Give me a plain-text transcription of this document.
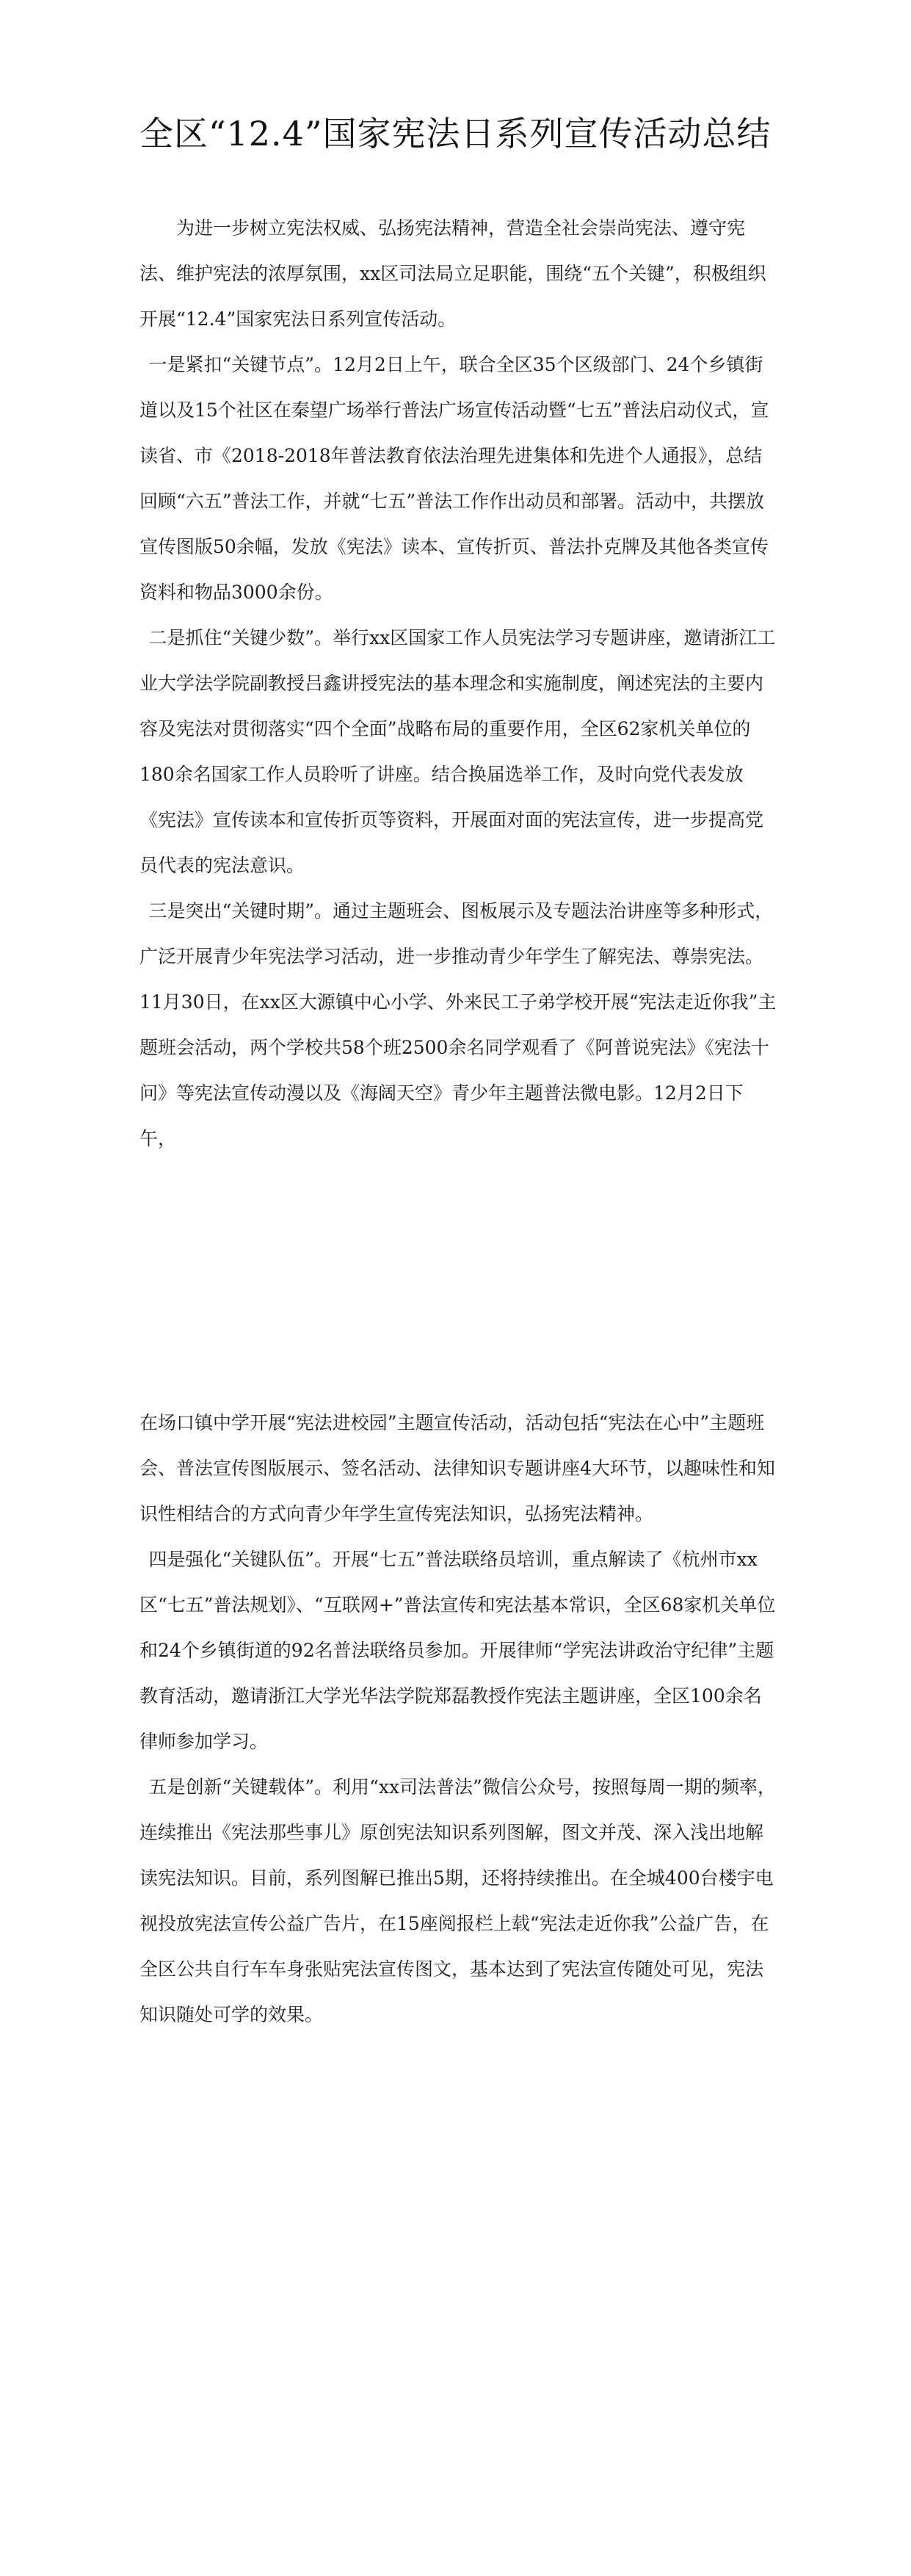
全区“12.4”国家宪法日系列宣传活动总结

为进一步树立宪法权威、弘扬宪法精神，营造全社会崇尚宪法、遵守宪法、维护宪法的浓厚氛围，xx区司法局立足职能，围绕“五个关键”，积极组织开展“12.4”国家宪法日系列宣传活动。

一是紧扣“关键节点”。12月2日上午，联合全区35个区级部门、24个乡镇街道以及15个社区在秦望广场举行普法广场宣传活动暨“七五”普法启动仪式，宣读省、市《2018-2018年普法教育依法治理先进集体和先进个人通报》，总结回顾“六五”普法工作，并就“七五”普法工作作出动员和部署。活动中，共摆放宣传图版50余幅，发放《宪法》读本、宣传折页、普法扑克牌及其他各类宣传资料和物品3000余份。

二是抓住“关键少数”。举行xx区国家工作人员宪法学习专题讲座，邀请浙江工业大学法学院副教授吕鑫讲授宪法的基本理念和实施制度，阐述宪法的主要内容及宪法对贯彻落实“四个全面”战略布局的重要作用，全区62家机关单位的180余名国家工作人员聆听了讲座。结合换届选举工作，及时向党代表发放《宪法》宣传读本和宣传折页等资料，开展面对面的宪法宣传，进一步提高党员代表的宪法意识。

三是突出“关键时期”。通过主题班会、图板展示及专题法治讲座等多种形式，广泛开展青少年宪法学习活动，进一步推动青少年学生了解宪法、尊崇宪法。11月30日，在xx区大源镇中心小学、外来民工子弟学校开展“宪法走近你我”主题班会活动，两个学校共58个班2500余名同学观看了《阿普说宪法》《宪法十问》等宪法宣传动漫以及《海阔天空》青少年主题普法微电影。12月2日下午，

在场口镇中学开展“宪法进校园”主题宣传活动，活动包括“宪法在心中”主题班会、普法宣传图版展示、签名活动、法律知识专题讲座4大环节，以趣味性和知识性相结合的方式向青少年学生宣传宪法知识，弘扬宪法精神。

四是强化“关键队伍”。开展“七五”普法联络员培训，重点解读了《杭州市xx区“七五”普法规划》、“互联网+”普法宣传和宪法基本常识，全区68家机关单位和24个乡镇街道的92名普法联络员参加。开展律师“学宪法讲政治守纪律”主题教育活动，邀请浙江大学光华法学院郑磊教授作宪法主题讲座，全区100余名律师参加学习。

五是创新“关键载体”。利用“xx司法普法”微信公众号，按照每周一期的频率，连续推出《宪法那些事儿》原创宪法知识系列图解，图文并茂、深入浅出地解读宪法知识。目前，系列图解已推出5期，还将持续推出。在全城400台楼宇电视投放宪法宣传公益广告片，在15座阅报栏上载“宪法走近你我”公益广告，在全区公共自行车车身张贴宪法宣传图文，基本达到了宪法宣传随处可见，宪法知识随处可学的效果。
